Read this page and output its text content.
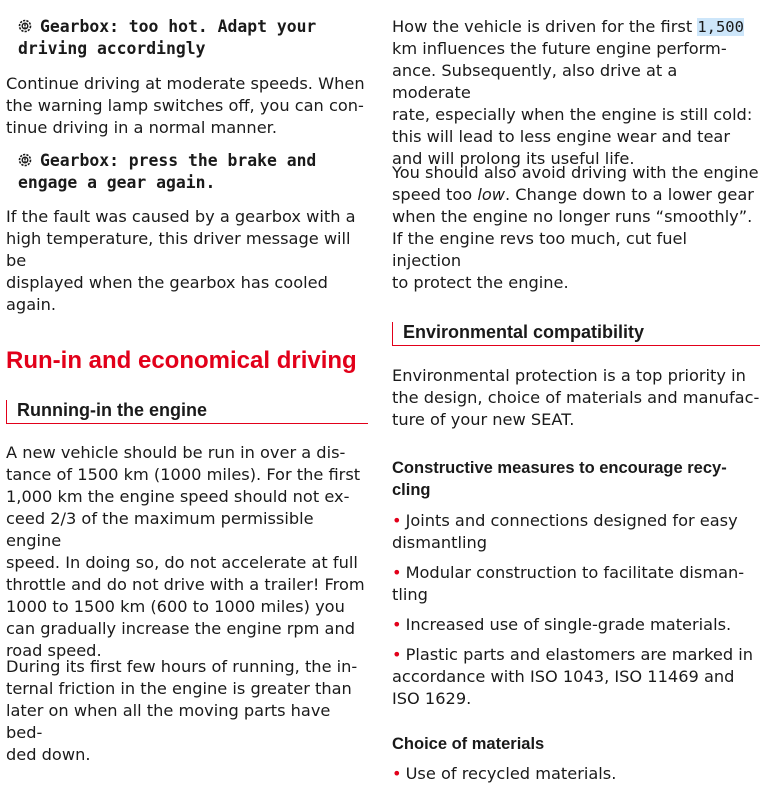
Gearbox: too hot. Adapt your
driving accordingly

Continue driving at moderate speeds. When

the warning lamp switches off, you can con-

tinue driving in a normal manner.

Gearbox: press the brake and
engage a gear again.

If the fault was caused by a gearbox with a

high temperature, this driver message will be

displayed when the gearbox has cooled

again.

Run-in and economical driving
Running-in the engine

A new vehicle should be run in over a dis-

tance of 1500 km (1000 miles). For the first

1,000 km the engine speed should not ex-

ceed 2/3 of the maximum permissible engine

speed. In doing so, do not accelerate at full

throttle and do not drive with a trailer! From

1000 to 1500 km (600 to 1000 miles) you

can gradually increase the engine rpm and

road speed.

During its first few hours of running, the in-

ternal friction in the engine is greater than

later on when all the moving parts have bed-

ded down.

How the vehicle is driven for the first 1,500

km influences the future engine perform-

ance. Subsequently, also drive at a moderate

rate, especially when the engine is still cold:

this will lead to less engine wear and tear

and will prolong its useful life.

You should also avoid driving with the engine

speed too low. Change down to a lower gear

when the engine no longer runs “smoothly”.

If the engine revs too much, cut fuel injection

to protect the engine.

Environmental compatibility

Environmental protection is a top priority in

the design, choice of materials and manufac-

ture of your new SEAT.

Constructive measures to encourage recy-

cling

• Joints and connections designed for easy

dismantling

• Modular construction to facilitate disman-

tling

• Increased use of single-grade materials.

• Plastic parts and elastomers are marked in

accordance with ISO 1043, ISO 11469 and

ISO 1629.

Choice of materials

• Use of recycled materials.
